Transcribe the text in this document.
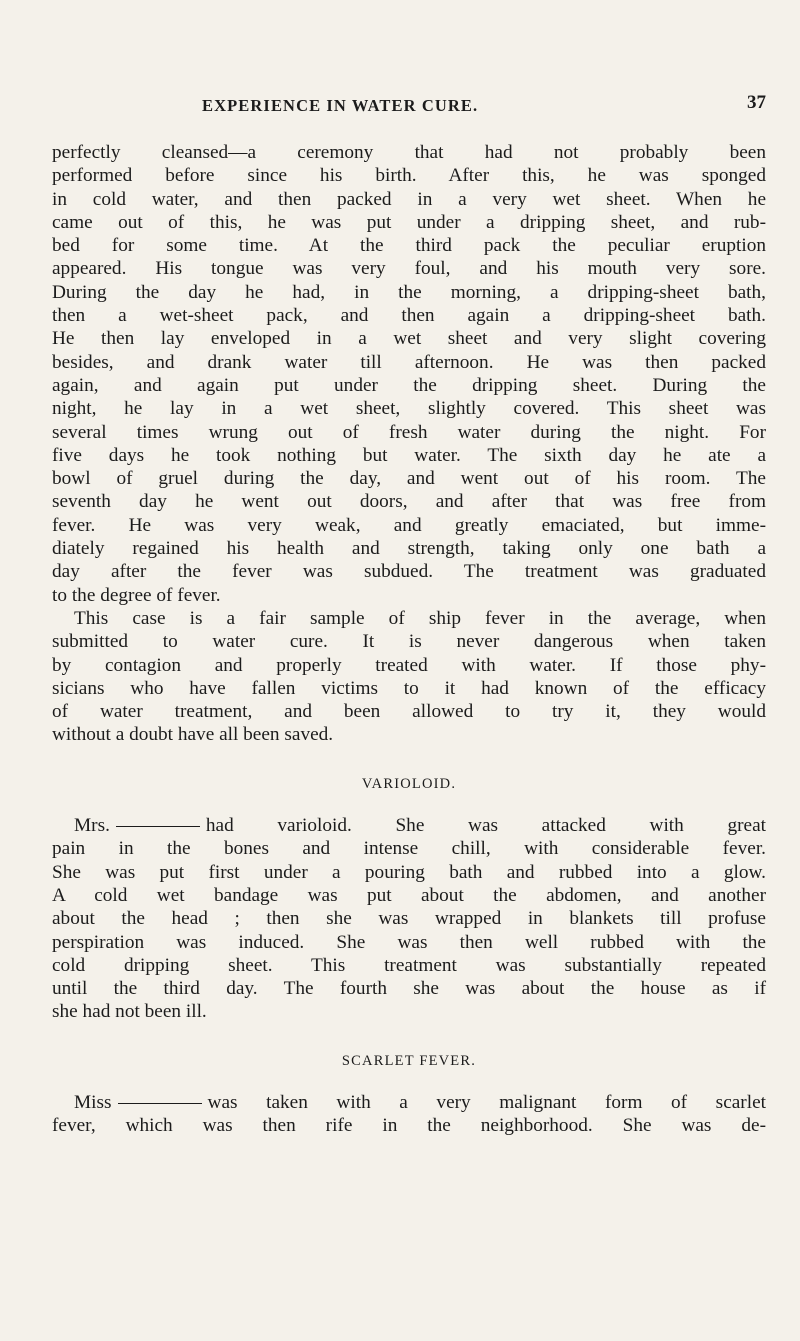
EXPERIENCE IN WATER CURE.	37
perfectly cleansed—a ceremony that had not probably been
performed before since his birth. After this, he was sponged
in cold water, and then packed in a very wet sheet. When he
came out of this, he was put under a dripping sheet, and rub-
bed for some time. At the third pack the peculiar eruption
appeared. His tongue was very foul, and his mouth very sore.
During the day he had, in the morning, a dripping-sheet bath,
then a wet-sheet pack, and then again a dripping-sheet bath.
He then lay enveloped in a wet sheet and very slight covering
besides, and drank water till afternoon. He was then packed
again, and again put under the dripping sheet. During the
night, he lay in a wet sheet, slightly covered. This sheet was
several times wrung out of fresh water during the night. For
five days he took nothing but water. The sixth day he ate a
bowl of gruel during the day, and went out of his room. The
seventh day he went out doors, and after that was free from
fever. He was very weak, and greatly emaciated, but imme-
diately regained his health and strength, taking only one bath a
day after the fever was subdued. The treatment was graduated
to the degree of fever.
This case is a fair sample of ship fever in the average, when
submitted to water cure. It is never dangerous when taken
by contagion and properly treated with water. If those phy-
sicians who have fallen victims to it had known of the efficacy
of water treatment, and been allowed to try it, they would
without a doubt have all been saved.
VARIOLOID.
Mrs.	had varioloid. She was attacked with great
pain in the bones and intense chill, with considerable fever.
She was put first under a pouring bath and rubbed into a glow.
A cold wet bandage was put about the abdomen, and another
about the head ; then she was wrapped in blankets till profuse
perspiration was induced. She was then well rubbed with the
cold dripping sheet. This treatment was substantially repeated
until the third day. The fourth she was about the house as if
she had not been ill.
SCARLET FEVER.
Miss	was taken with a very malignant form of scarlet
fever, which was then rife in the neighborhood. She was de-
